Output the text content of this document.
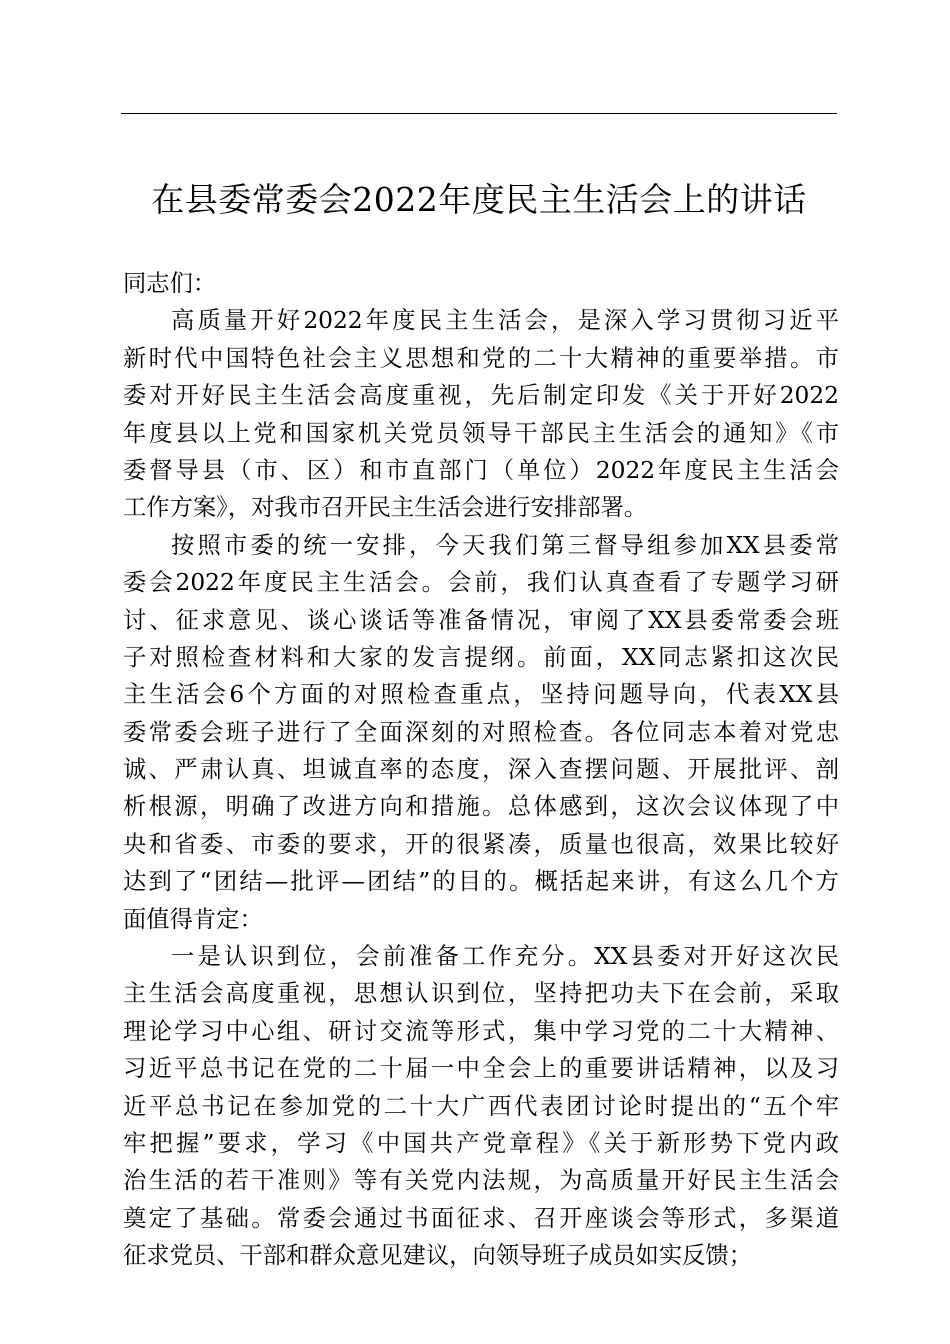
在县委常委会2022年度民主生活会上的讲话
同志们：
高质量开好2022年度民主生活会，是深入学习贯彻习近平
新时代中国特色社会主义思想和党的二十大精神的重要举措。市
委对开好民主生活会高度重视，先后制定印发《关于开好2022
年度县以上党和国家机关党员领导干部民主生活会的通知》《市
委督导县（市、区）和市直部门（单位）2022年度民主生活会
工作方案》，对我市召开民主生活会进行安排部署。
按照市委的统一安排，今天我们第三督导组参加XX县委常
委会2022年度民主生活会。会前，我们认真查看了专题学习研
讨、征求意见、谈心谈话等准备情况，审阅了XX县委常委会班
子对照检查材料和大家的发言提纲。前面，XX同志紧扣这次民
主生活会6个方面的对照检查重点，坚持问题导向，代表XX县
委常委会班子进行了全面深刻的对照检查。各位同志本着对党忠
诚、严肃认真、坦诚直率的态度，深入查摆问题、开展批评、剖
析根源，明确了改进方向和措施。总体感到，这次会议体现了中
央和省委、市委的要求，开的很紧凑，质量也很高，效果比较好
达到了“团结—批评—团结”的目的。概括起来讲，有这么几个方
面值得肯定：
一是认识到位，会前准备工作充分。XX县委对开好这次民
主生活会高度重视，思想认识到位，坚持把功夫下在会前，采取
理论学习中心组、研讨交流等形式，集中学习党的二十大精神、
习近平总书记在党的二十届一中全会上的重要讲话精神，以及习
近平总书记在参加党的二十大广西代表团讨论时提出的“五个牢
牢把握”要求，学习《中国共产党章程》《关于新形势下党内政
治生活的若干准则》等有关党内法规，为高质量开好民主生活会
奠定了基础。常委会通过书面征求、召开座谈会等形式，多渠道
征求党员、干部和群众意见建议，向领导班子成员如实反馈；
